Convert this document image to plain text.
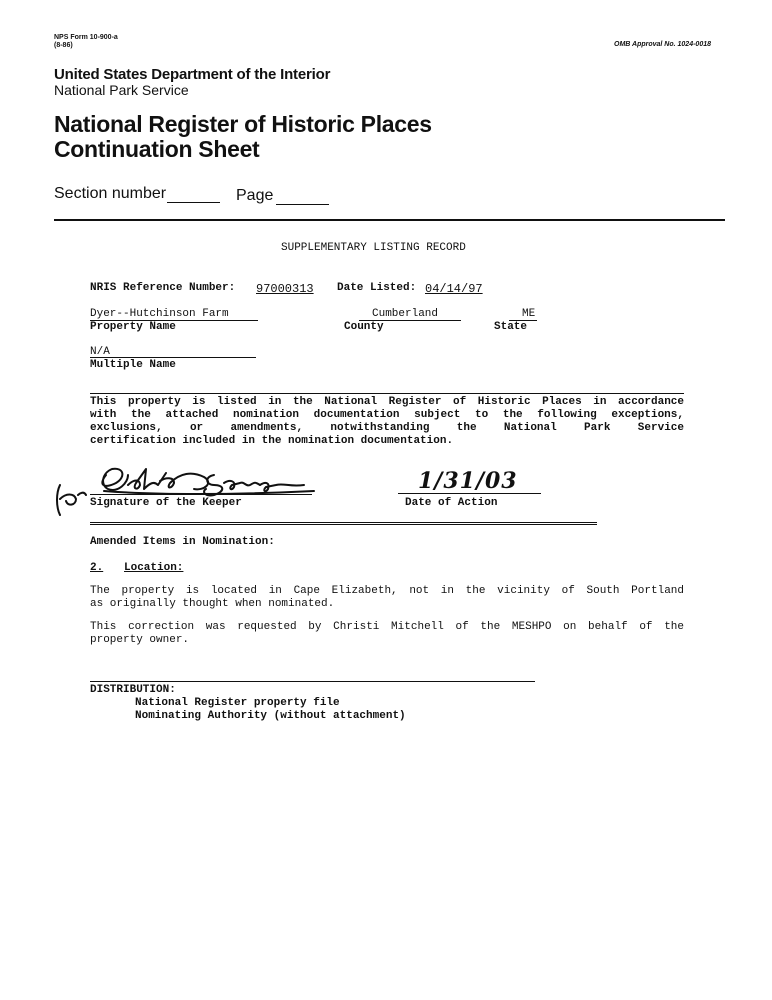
NPS Form 10-900-a
(8-86)	OMB Approval No. 1024-0018
United States Department of the Interior
National Park Service
National Register of Historic Places
Continuation Sheet
Section number	Page
SUPPLEMENTARY LISTING RECORD
NRIS Reference Number: 97000313 Date Listed: 04/14/97
Dyer--Hutchinson Farm
Property Name
Cumberland
County
ME
State
N/A
Multiple Name
This property is listed in the National Register of Historic Places in accordance
with the attached nomination documentation subject to the following exceptions,
exclusions, or amendments, notwithstanding the National Park Service
certification included in the nomination documentation.
Signature of the Keeper
1/31/03
Date of Action
Amended Items in Nomination:
2. Location:
The property is located in Cape Elizabeth, not in the vicinity of South Portland
as originally thought when nominated.
This correction was requested by Christi Mitchell of the MESHPO on behalf of the
property owner.
DISTRIBUTION:
National Register property file
Nominating Authority (without attachment)
